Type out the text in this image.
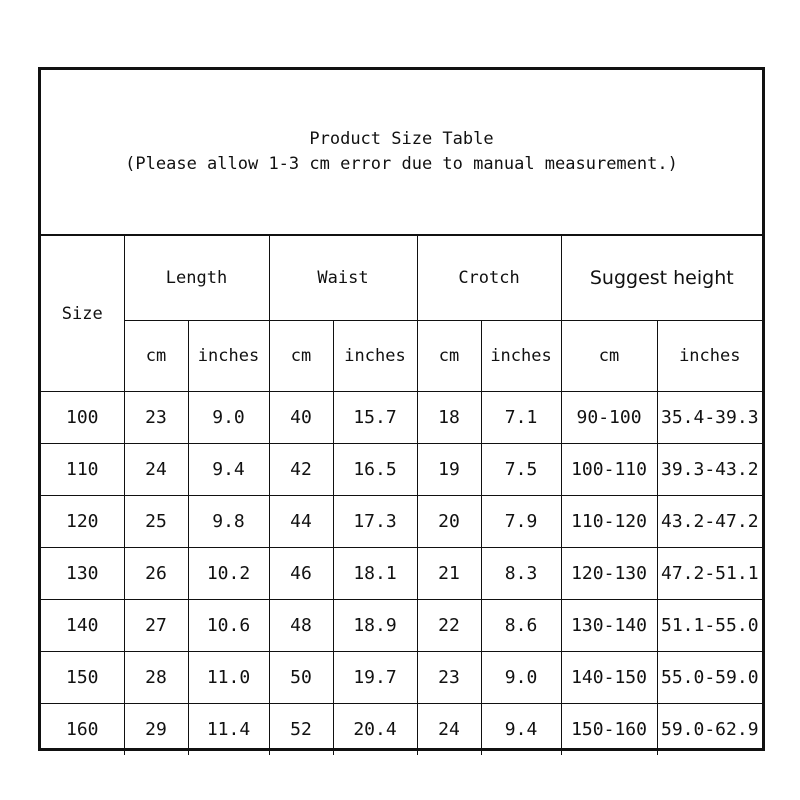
Product Size Table
(Please allow 1-3 cm error due to manual measurement.)
Size	Length		Waist		Crotch		Suggest height	
	cm	inches	cm	inches	cm	inches	cm	inches
100	23	9.0	40	15.7	18	7.1	90-100	35.4-39.3
110	24	9.4	42	16.5	19	7.5	100-110	39.3-43.2
120	25	9.8	44	17.3	20	7.9	110-120	43.2-47.2
130	26	10.2	46	18.1	21	8.3	120-130	47.2-51.1
140	27	10.6	48	18.9	22	8.6	130-140	51.1-55.0
150	28	11.0	50	19.7	23	9.0	140-150	55.0-59.0
160	29	11.4	52	20.4	24	9.4	150-160	59.0-62.9
